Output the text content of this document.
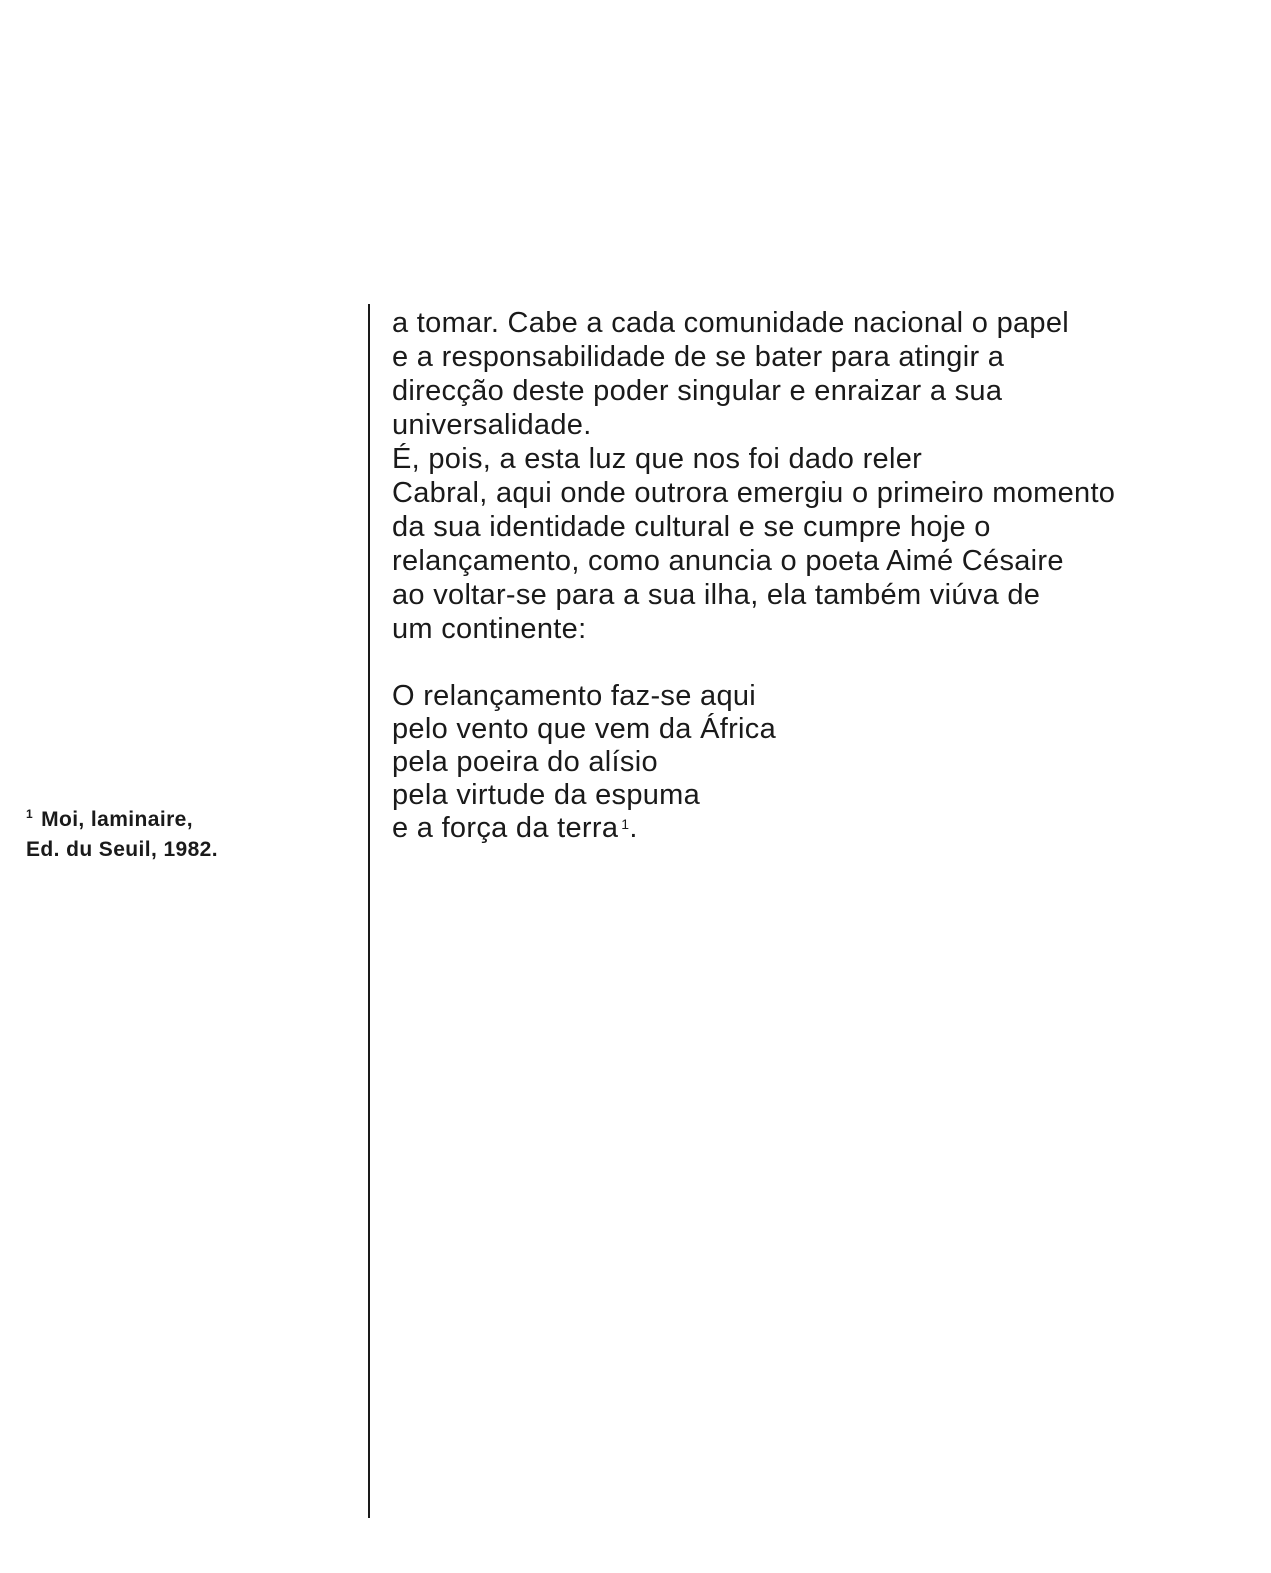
$^1$ Moi, laminaire,
Ed. du Seuil, 1982.
a tomar. Cabe a cada comunidade nacional o papel
e a responsabilidade de se bater para atingir a
direcção deste poder singular e enraizar a sua
universalidade.
É, pois, a esta luz que nos foi dado reler
Cabral, aqui onde outrora emergiu o primeiro momento
da sua identidade cultural e se cumpre hoje o
relançamento, como anuncia o poeta Aimé Césaire
ao voltar-se para a sua ilha, ela também viúva de
um continente:
O relançamento faz-se aqui
pelo vento que vem da África
pela poeira do alísio
pela virtude da espuma
e a força da terra $^1$.
